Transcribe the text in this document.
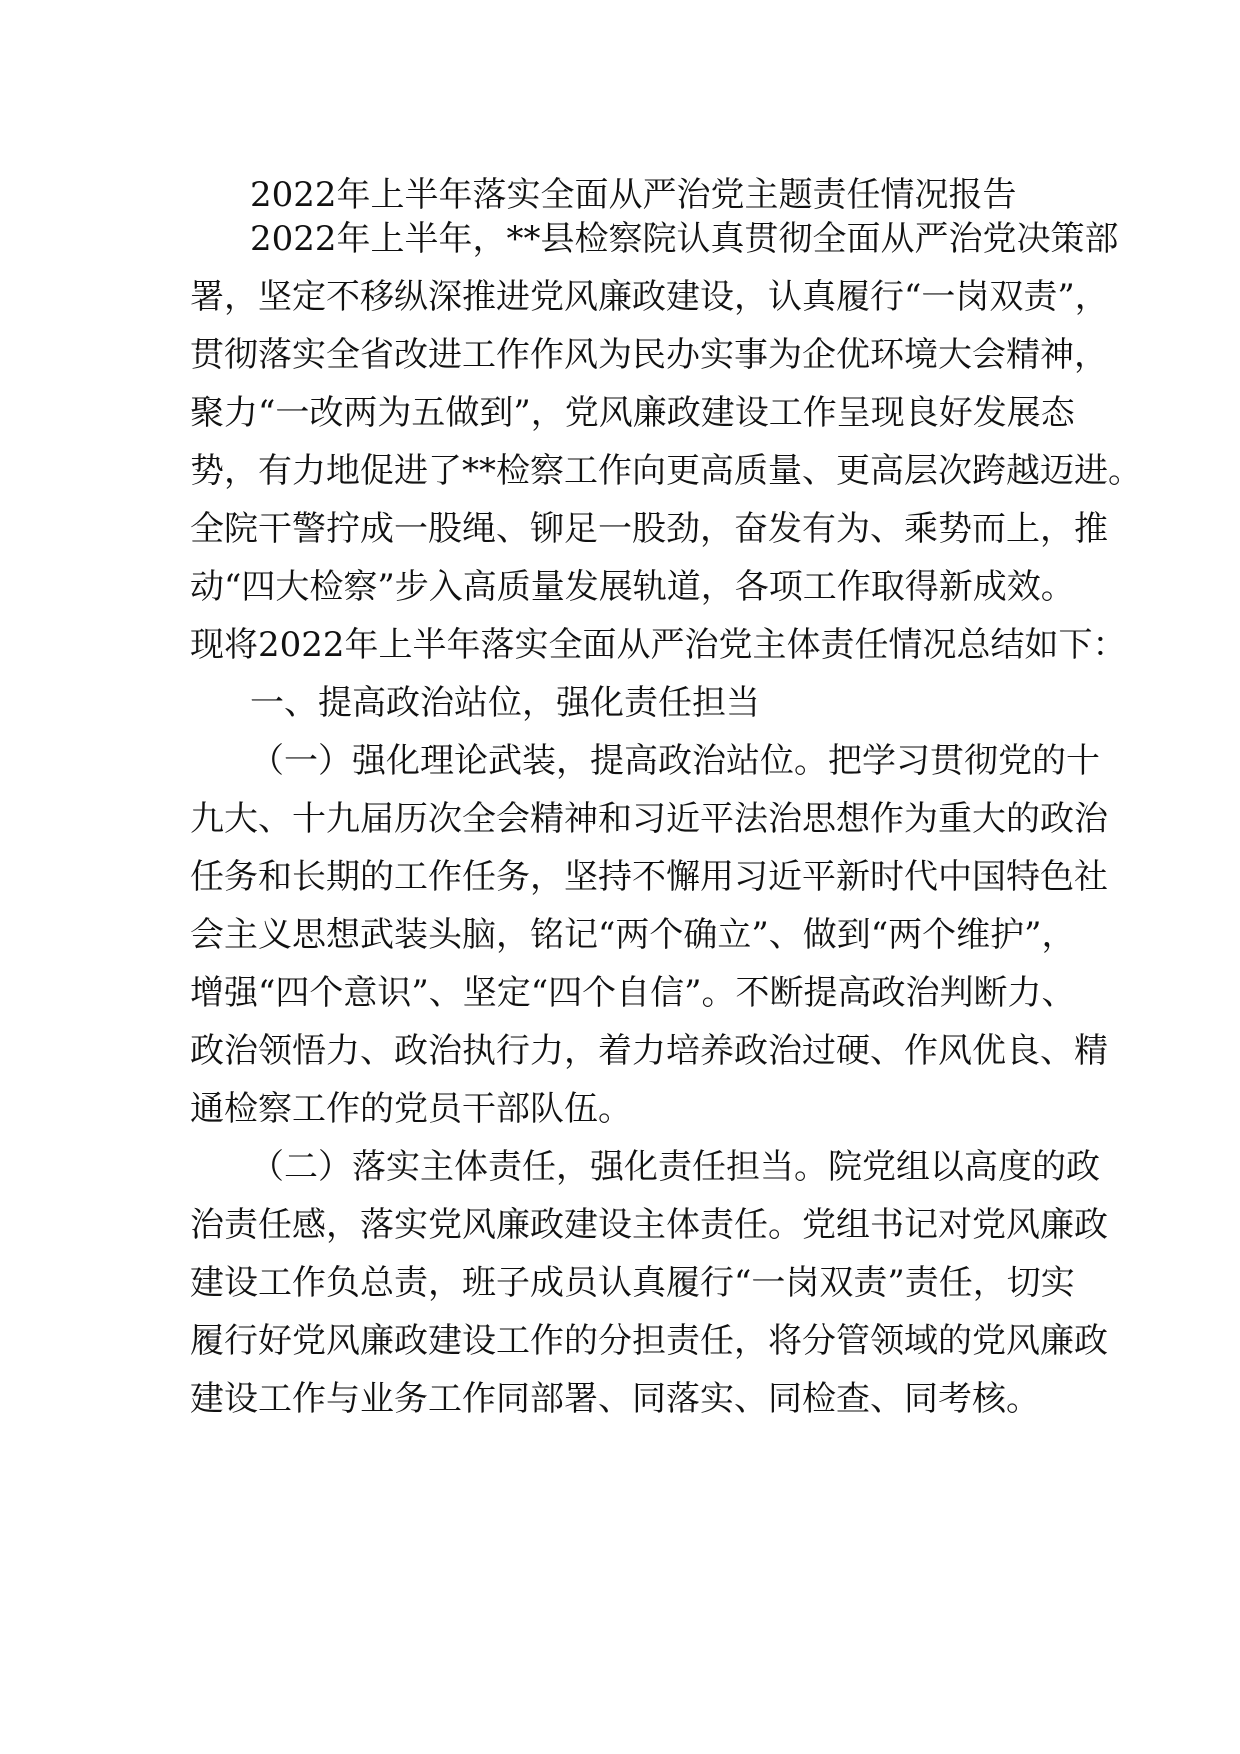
2022年上半年落实全面从严治党主题责任情况报告
2022年上半年，**县检察院认真贯彻全面从严治党决策部
署，坚定不移纵深推进党风廉政建设，认真履行“一岗双责”，
贯彻落实全省改进工作作风为民办实事为企优环境大会精神，
聚力“一改两为五做到”，党风廉政建设工作呈现良好发展态
势，有力地促进了**检察工作向更高质量、更高层次跨越迈进。
全院干警拧成一股绳、铆足一股劲，奋发有为、乘势而上，推
动“四大检察”步入高质量发展轨道，各项工作取得新成效。
现将2022年上半年落实全面从严治党主体责任情况总结如下：
一、提高政治站位，强化责任担当
（一）强化理论武装，提高政治站位。把学习贯彻党的十
九大、十九届历次全会精神和习近平法治思想作为重大的政治
任务和长期的工作任务，坚持不懈用习近平新时代中国特色社
会主义思想武装头脑，铭记“两个确立”、做到“两个维护”，
增强“四个意识”、坚定“四个自信”。不断提高政治判断力、
政治领悟力、政治执行力，着力培养政治过硬、作风优良、精
通检察工作的党员干部队伍。
（二）落实主体责任，强化责任担当。院党组以高度的政
治责任感，落实党风廉政建设主体责任。党组书记对党风廉政
建设工作负总责，班子成员认真履行“一岗双责”责任，切实
履行好党风廉政建设工作的分担责任，将分管领域的党风廉政
建设工作与业务工作同部署、同落实、同检查、同考核。
